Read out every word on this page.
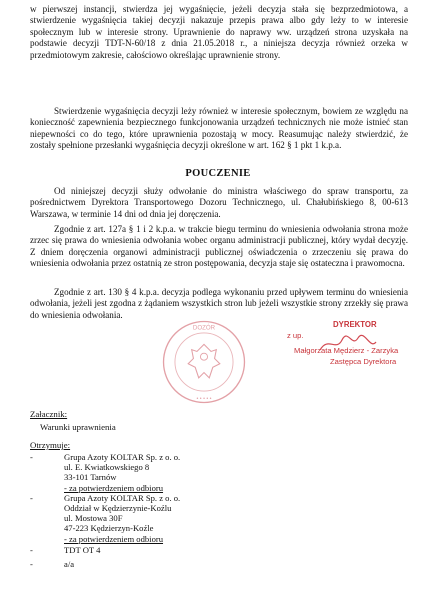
w pierwszej instancji, stwierdza jej wygaśnięcie, jeżeli decyzja stała się bezprzedmiotowa, a stwierdzenie wygaśnięcia takiej decyzji nakazuje przepis prawa albo gdy leży to w interesie społecznym lub w interesie strony. Uprawnienie do naprawy ww. urządzeń strona uzyskała na podstawie decyzji TDT-N-60/18 z dnia 21.05.2018 r., a niniejsza decyzja również orzeka w przedmiotowym zakresie, całościowo określając uprawnienie strony.
Stwierdzenie wygaśnięcia decyzji leży również w interesie społecznym, bowiem ze względu na konieczność zapewnienia bezpiecznego funkcjonowania urządzeń technicznych nie może istnieć stan niepewności co do tego, które uprawnienia pozostają w mocy. Reasumując należy stwierdzić, że zostały spełnione przesłanki wygaśnięcia decyzji określone w art. 162 § 1 pkt 1 k.p.a.
POUCZENIE
Od niniejszej decyzji służy odwołanie do ministra właściwego do spraw transportu, za pośrednictwem Dyrektora Transportowego Dozoru Technicznego, ul. Chałubińskiego 8, 00-613 Warszawa, w terminie 14 dni od dnia jej doręczenia.
Zgodnie z art. 127a § 1 i 2 k.p.a. w trakcie biegu terminu do wniesienia odwołania strona może zrzec się prawa do wniesienia odwołania wobec organu administracji publicznej, który wydał decyzję. Z dniem doręczenia organowi administracji publicznej oświadczenia o zrzeczeniu się prawa do wniesienia odwołania przez ostatnią ze stron postępowania, decyzja staje się ostateczna i prawomocna.
Zgodnie z art. 130 § 4 k.p.a. decyzja podlega wykonaniu przed upływem terminu do wniesienia odwołania, jeżeli jest zgodna z żądaniem wszystkich stron lub jeżeli wszystkie strony zrzekły się prawa do wniesienia odwołania.
DOZÓR
• • • • •
z up.
DYREKTOR
Małgorzata Mędzierz - Zarzyka
Zastępca Dyrektora
Załacznik:
Warunki uprawnienia
Otrzymuje:
-	Grupa Azoty KOLTAR Sp. z o. o.
ul. E. Kwiatkowskiego 8
33-101 Tarnów
- za potwierdzeniem odbioru
-	Grupa Azoty KOLTAR Sp. z o. o.
Oddział w Kędzierzynie-Koźlu
ul. Mostowa 30F
47-223 Kędzierzyn-Koźle
- za potwierdzeniem odbioru
-	TDT OT 4
-	a/a
